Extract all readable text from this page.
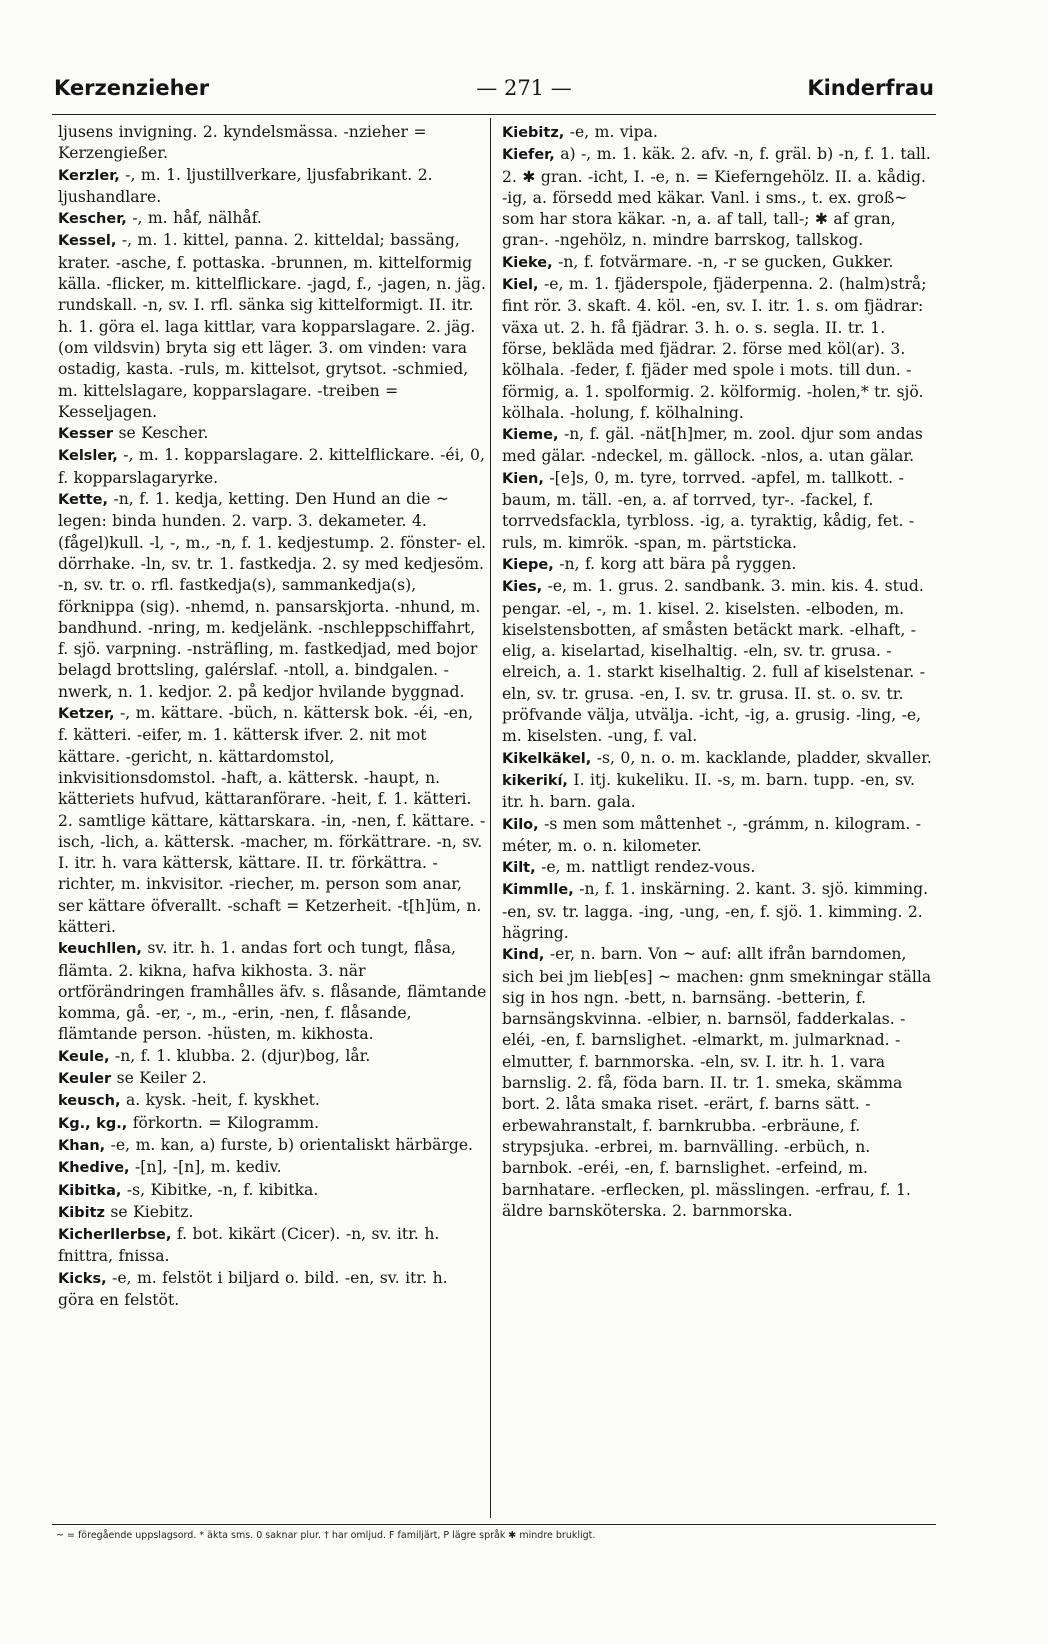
Kerzenzieher	— 271 —	Kinderfrau

ljusens invigning. 2. kyndelsmässa. -nzieher = Kerzengießer.

Kerzler, -, m. 1. ljustillverkare, ljusfabrikant. 2. ljushandlare.

Kescher, -, m. håf, nälhåf.

Kessel, -, m. 1. kittel, panna. 2. kitteldal; bassäng, krater. -asche, f. pottaska. -brunnen, m. kittelformig källa. -flicker, m. kittelflickare. -jagd, f., -jagen, n. jäg. rundskall. -n, sv. I. rfl. sänka sig kittelformigt. II. itr. h. 1. göra el. laga kittlar, vara kopparslagare. 2. jäg. (om vildsvin) bryta sig ett läger. 3. om vinden: vara ostadig, kasta. -ruls, m. kittelsot, grytsot. -schmied, m. kittelslagare, kopparslagare. -treiben = Kesseljagen.

Kesser se Kescher.

Kelsler, -, m. 1. kopparslagare. 2. kittelflickare. -éi, 0, f. kopparslagaryrke.

Kette, -n, f. 1. kedja, ketting. Den Hund an die ~ legen: binda hunden. 2. varp. 3. dekameter. 4. (fågel)kull. -l, -, m., -n, f. 1. kedjestump. 2. fönster- el. dörrhake. -ln, sv. tr. 1. fastkedja. 2. sy med kedjesöm. -n, sv. tr. o. rfl. fastkedja(s), sammankedja(s), förknippa (sig). -nhemd, n. pansarskjorta. -nhund, m. bandhund. -nring, m. kedjelänk. -nschleppschiffahrt, f. sjö. varpning. -nsträfling, m. fastkedjad, med bojor belagd brottsling, galérslaf. -ntoll, a. bindgalen. -nwerk, n. 1. kedjor. 2. på kedjor hvilande byggnad.

Ketzer, -, m. kättare. -büch, n. kättersk bok. -éi, -en, f. kätteri. -eifer, m. 1. kättersk ifver. 2. nit mot kättare. -gericht, n. kättardomstol, inkvisitionsdomstol. -haft, a. kättersk. -haupt, n. kätteriets hufvud, kättaranförare. -heit, f. 1. kätteri. 2. samtlige kättare, kättarskara. -in, -nen, f. kättare. -isch, -lich, a. kättersk. -macher, m. förkättrare. -n, sv. I. itr. h. vara kättersk, kättare. II. tr. förkättra. -richter, m. inkvisitor. -riecher, m. person som anar, ser kättare öfverallt. -schaft = Ketzerheit. -t[h]üm, n. kätteri.

keuchllen, sv. itr. h. 1. andas fort och tungt, flåsa, flämta. 2. kikna, hafva kikhosta. 3. när ortförändringen framhålles äfv. s. flåsande, flämtande komma, gå. -er, -, m., -erin, -nen, f. flåsande, flämtande person. -hüsten, m. kikhosta.

Keule, -n, f. 1. klubba. 2. (djur)bog, lår.

Keuler se Keiler 2.

keusch, a. kysk. -heit, f. kyskhet.

Kg., kg., förkortn. = Kilogramm.

Khan, -e, m. kan, a) furste, b) orientaliskt härbärge.

Khedive, -[n], -[n], m. kediv.

Kibitka, -s, Kibitke, -n, f. kibitka.

Kibitz se Kiebitz.

Kicherllerbse, f. bot. kikärt (Cicer). -n, sv. itr. h. fnittra, fnissa.

Kicks, -e, m. felstöt i biljard o. bild. -en, sv. itr. h. göra en felstöt.

Kiebitz, -e, m. vipa.

Kiefer, a) -, m. 1. käk. 2. afv. -n, f. gräl. b) -n, f. 1. tall. 2. ✱ gran. -icht, I. -e, n. = Kieferngehölz. II. a. kådig. -ig, a. försedd med käkar. Vanl. i sms., t. ex. groß~ som har stora käkar. -n, a. af tall, tall-; ✱ af gran, gran-. -ngehölz, n. mindre barrskog, tallskog.

Kieke, -n, f. fotvärmare. -n, -r se gucken, Gukker.

Kiel, -e, m. 1. fjäderspole, fjäderpenna. 2. (halm)strå; fint rör. 3. skaft. 4. köl. -en, sv. I. itr. 1. s. om fjädrar: växa ut. 2. h. få fjädrar. 3. h. o. s. segla. II. tr. 1. förse, bekläda med fjädrar. 2. förse med köl(ar). 3. kölhala. -feder, f. fjäder med spole i mots. till dun. -förmig, a. 1. spolformig. 2. kölformig. -holen,* tr. sjö. kölhala. -holung, f. kölhalning.

Kieme, -n, f. gäl. -nät[h]mer, m. zool. djur som andas med gälar. -ndeckel, m. gällock. -nlos, a. utan gälar.

Kien, -[e]s, 0, m. tyre, torrved. -apfel, m. tallkott. -baum, m. täll. -en, a. af torrved, tyr-. -fackel, f. torrvedsfackla, tyrbloss. -ig, a. tyraktig, kådig, fet. -ruls, m. kimrök. -span, m. pärtsticka.

Kiepe, -n, f. korg att bära på ryggen.

Kies, -e, m. 1. grus. 2. sandbank. 3. min. kis. 4. stud. pengar. -el, -, m. 1. kisel. 2. kiselsten. -elboden, m. kiselstensbotten, af småsten betäckt mark. -elhaft, -elig, a. kiselartad, kiselhaltig. -eln, sv. tr. grusa. -elreich, a. 1. starkt kiselhaltig. 2. full af kiselstenar. -eln, sv. tr. grusa. -en, I. sv. tr. grusa. II. st. o. sv. tr. pröfvande välja, utvälja. -icht, -ig, a. grusig. -ling, -e, m. kiselsten. -ung, f. val.

Kikelkäkel, -s, 0, n. o. m. kacklande, pladder, skvaller.

kikerikí, I. itj. kukeliku. II. -s, m. barn. tupp. -en, sv. itr. h. barn. gala.

Kilo, -s men som måttenhet -, -grámm, n. kilogram. -méter, m. o. n. kilometer.

Kilt, -e, m. nattligt rendez-vous.

Kimmlle, -n, f. 1. inskärning. 2. kant. 3. sjö. kimming. -en, sv. tr. lagga. -ing, -ung, -en, f. sjö. 1. kimming. 2. hägring.

Kind, -er, n. barn. Von ~ auf: allt ifrån barndomen, sich bei jm lieb[es] ~ machen: gnm smekningar ställa sig in hos ngn. -bett, n. barnsäng. -betterin, f. barnsängskvinna. -elbier, n. barnsöl, fadderkalas. -eléi, -en, f. barnslighet. -elmarkt, m. julmarknad. -elmutter, f. barnmorska. -eln, sv. I. itr. h. 1. vara barnslig. 2. få, föda barn. II. tr. 1. smeka, skämma bort. 2. låta smaka riset. -erärt, f. barns sätt. -erbewahranstalt, f. barnkrubba. -erbräune, f. strypsjuka. -erbrei, m. barnvälling. -erbüch, n. barnbok. -eréi, -en, f. barnslighet. -erfeind, m. barnhatare. -erflecken, pl. mässlingen. -erfrau, f. 1. äldre barnsköterska. 2. barnmorska.

~ = föregående uppslagsord. * äkta sms. 0 saknar plur. † har omljud. F familjärt, P lägre språk ✱ mindre brukligt.
